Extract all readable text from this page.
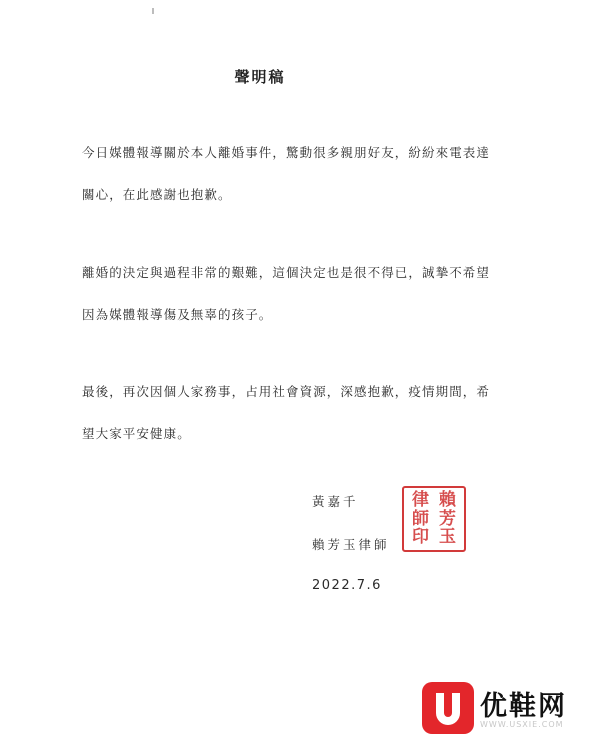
聲明稿
今日媒體報導關於本人離婚事件，驚動很多親朋好友，紛紛來電表達
關心，在此感謝也抱歉。
離婚的決定與過程非常的艱難，這個決定也是很不得已，誠摯不希望
因為媒體報導傷及無辜的孩子。
最後，再次因個人家務事，占用社會資源，深感抱歉，疫情期間，希
望大家平安健康。
黃嘉千
賴芳玉律師
2022.7.6
律
師
印
賴
芳
玉
优鞋网
WWW.USXIE.COM
